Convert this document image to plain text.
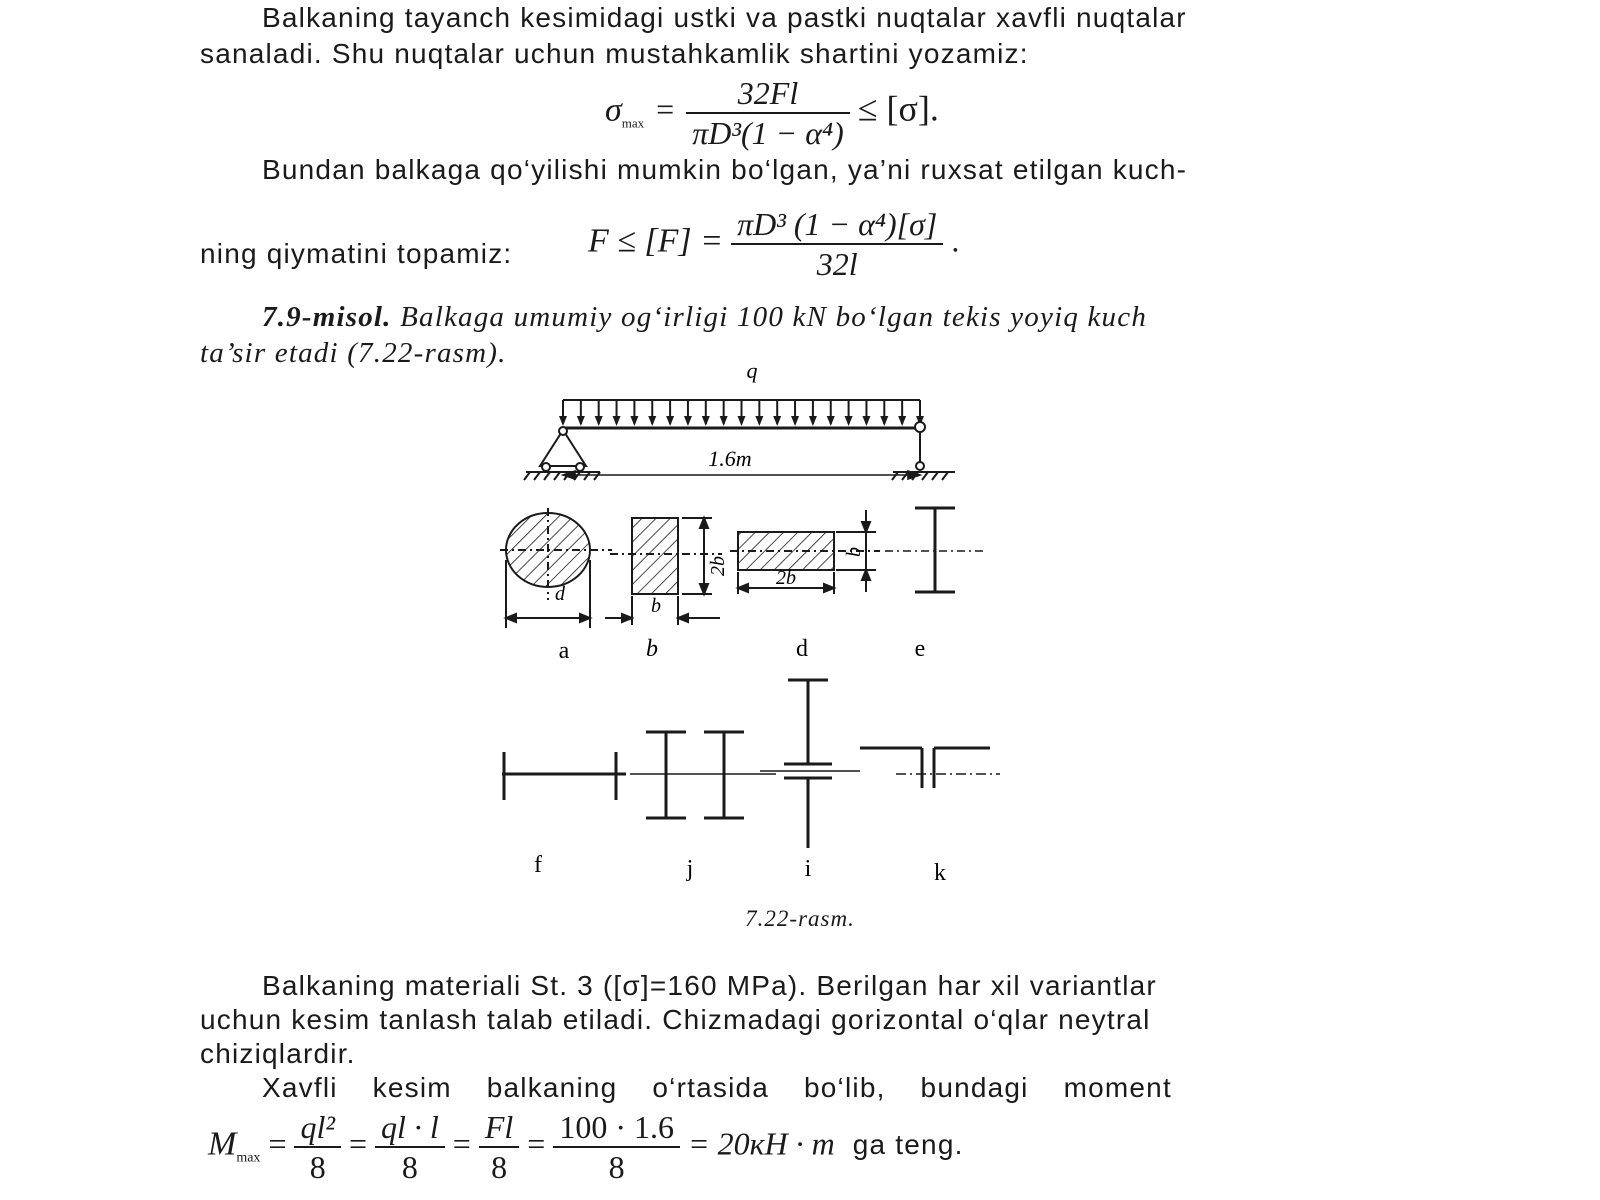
Balkaning tayanch kesimidagi ustki va pastki nuqtalar xavfli nuqtalar
sanaladi. Shu nuqtalar uchun mustahkamlik shartini yozamiz:
$\sigma_{max} = \frac{32Fl}{\text{πD³(1 − α⁴)}} \le [\sigma]$.
Bundan balkaga qo‘yilishi mumkin bo‘lgan, ya’ni ruxsat etilgan kuch-
ning qiymatini topamiz:	$F \le [F] = \frac{\text{πD³ (1 − α⁴)[σ]}}{32l}$ .
7.9-misol. Balkaga umumiy og‘irligi 100 kN bo‘lgan tekis yoyiq kuch
ta’sir etadi (7.22-rasm).
q
1.6m
d
2b
b
2b
b
a	b	d	e
f	j	i	k
7.22-rasm.
Balkaning materiali St. 3 ([σ]=160 MPa). Berilgan har xil variantlar
uchun kesim tanlash talab etiladi. Chizmadagi gorizontal o‘qlar neytral
chiziqlardir.
Xavfli kesim balkaning o‘rtasida bo‘lib, bundagi moment
$M_{max} = \frac{\text{ql²}}{8} = \frac{ql \cdot l}{8} = \frac{Fl}{8} = \frac{100 \cdot 1.6}{8} = 20кН \cdot m$ ga teng.
